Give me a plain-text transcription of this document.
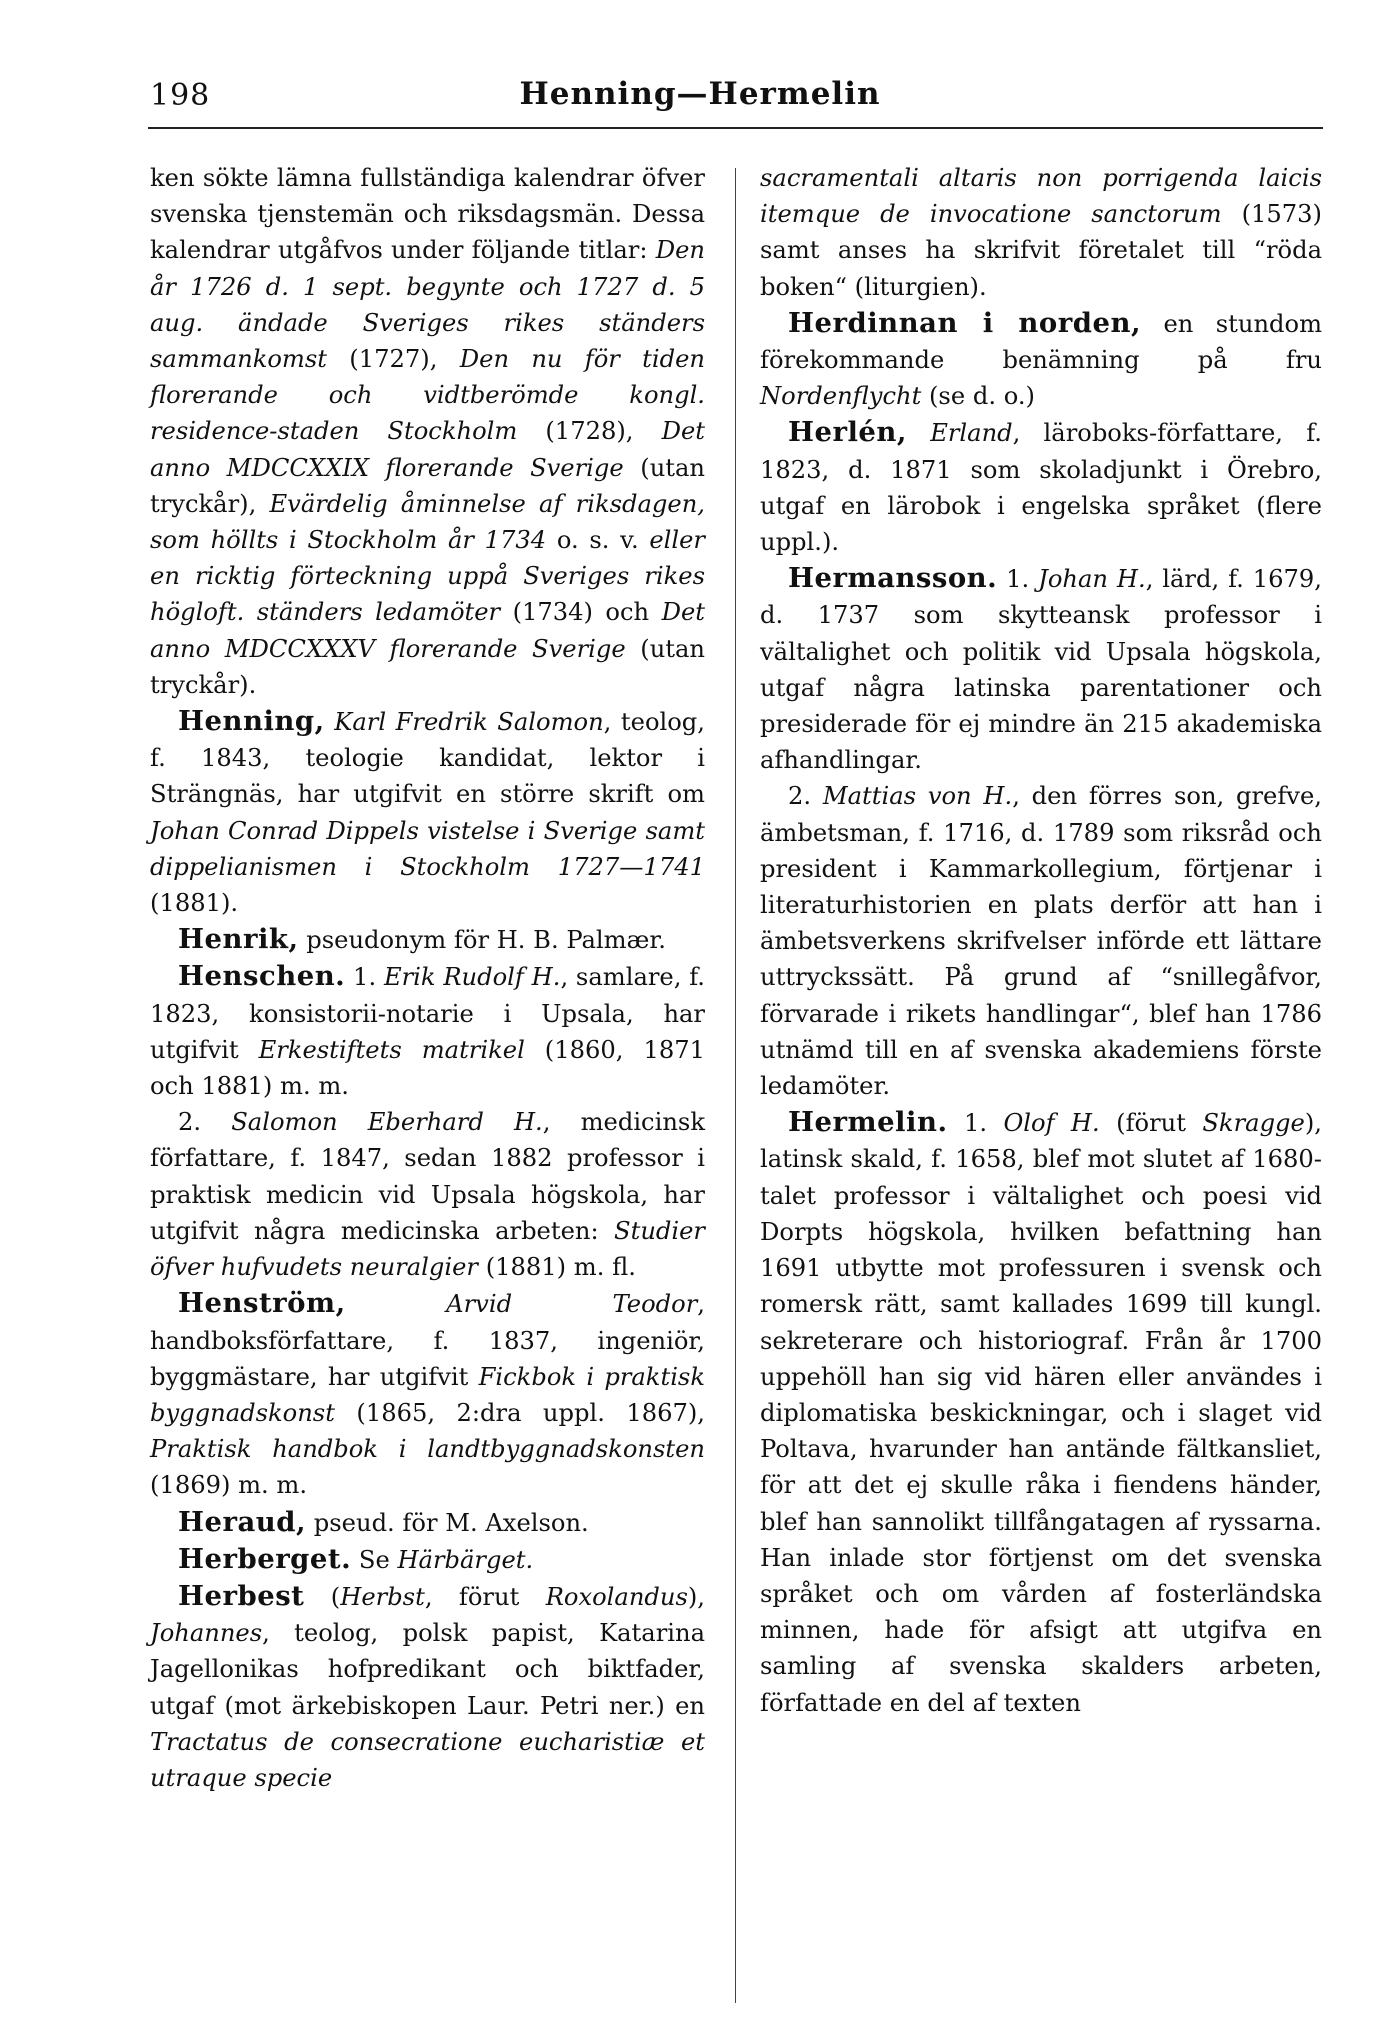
198	Henning—Hermelin

ken sökte lämna fullständiga kalendrar öfver svenska tjenstemän och riksdagsmän. Dessa kalendrar utgåfvos under följande titlar: Den år 1726 d. 1 sept. begynte och 1727 d. 5 aug. ändade Sveriges rikes ständers sammankomst (1727), Den nu för tiden florerande och vidtberömde kongl. residence-staden Stockholm (1728), Det anno MDCCXXIX florerande Sverige (utan tryckår), Evärdelig åminnelse af riksdagen, som höllts i Stockholm år 1734 o. s. v. eller en ricktig förteckning uppå Sveriges rikes högloft. ständers ledamöter (1734) och Det anno MDCCXXXV florerande Sverige (utan tryckår).

Henning, Karl Fredrik Salomon, teolog, f. 1843, teologie kandidat, lektor i Strängnäs, har utgifvit en större skrift om Johan Conrad Dippels vistelse i Sverige samt dippelianismen i Stockholm 1727—1741 (1881).

Henrik, pseudonym för H. B. Palmær.

Henschen. 1. Erik Rudolf H., samlare, f. 1823, konsistorii-notarie i Upsala, har utgifvit Erkestiftets matrikel (1860, 1871 och 1881) m. m.

2. Salomon Eberhard H., medicinsk författare, f. 1847, sedan 1882 professor i praktisk medicin vid Upsala högskola, har utgifvit några medicinska arbeten: Studier öfver hufvudets neuralgier (1881) m. fl.

Henström,	Arvid Teodor, handboksförfattare, f. 1837, ingeniör, byggmästare, har utgifvit Fickbok i praktisk byggnadskonst (1865, 2:dra uppl. 1867), Praktisk handbok i landtbyggnadskonsten (1869) m. m.

Heraud, pseud. för M. Axelson.

Herberget. Se Härbärget.

Herbest (Herbst, förut Roxolandus), Johannes, teolog, polsk papist, Katarina Jagellonikas hofpredikant och biktfader, utgaf (mot ärkebiskopen Laur. Petri ner.) en Tractatus de consecratione eucharistiæ et utraque specie

sacramentali altaris non porrigenda laicis itemque de invocatione sanctorum (1573) samt anses ha skrifvit företalet till “röda boken“ (liturgien).

Herdinnan i norden, en stundom förekommande benämning på fru Nordenflycht (se d. o.)

Herlén, Erland, läroboks-författare, f. 1823, d. 1871 som skoladjunkt i Örebro, utgaf en lärobok i engelska språket (flere uppl.).

Hermansson. 1. Johan H., lärd, f. 1679, d. 1737 som skytteansk professor i vältalighet och politik vid Upsala högskola, utgaf några latinska parentationer och presiderade för ej mindre än 215 akademiska afhandlingar.

2. Mattias von H., den förres son, grefve, ämbetsman, f. 1716, d. 1789 som riksråd och president i Kammarkollegium, förtjenar i literaturhistorien en plats derför att han i ämbetsverkens skrifvelser införde ett lättare uttryckssätt. På grund af “snillegåfvor, förvarade i rikets handlingar“, blef han 1786 utnämd till en af svenska akademiens förste ledamöter.

Hermelin. 1. Olof H. (förut Skragge), latinsk skald, f. 1658, blef mot slutet af 1680-talet professor i vältalighet och poesi vid Dorpts högskola, hvilken befattning han 1691 utbytte mot professuren i svensk och romersk rätt, samt kallades 1699 till kungl. sekreterare och historiograf. Från år 1700 uppehöll han sig vid hären eller användes i diplomatiska beskickningar, och i slaget vid Poltava, hvarunder han antände fältkansliet, för att det ej skulle råka i fiendens händer, blef han sannolikt tillfångatagen af ryssarna. Han inlade stor förtjenst om det svenska språket och om vården af fosterländska minnen, hade för afsigt att utgifva en samling af svenska skalders arbeten, författade en del af texten
